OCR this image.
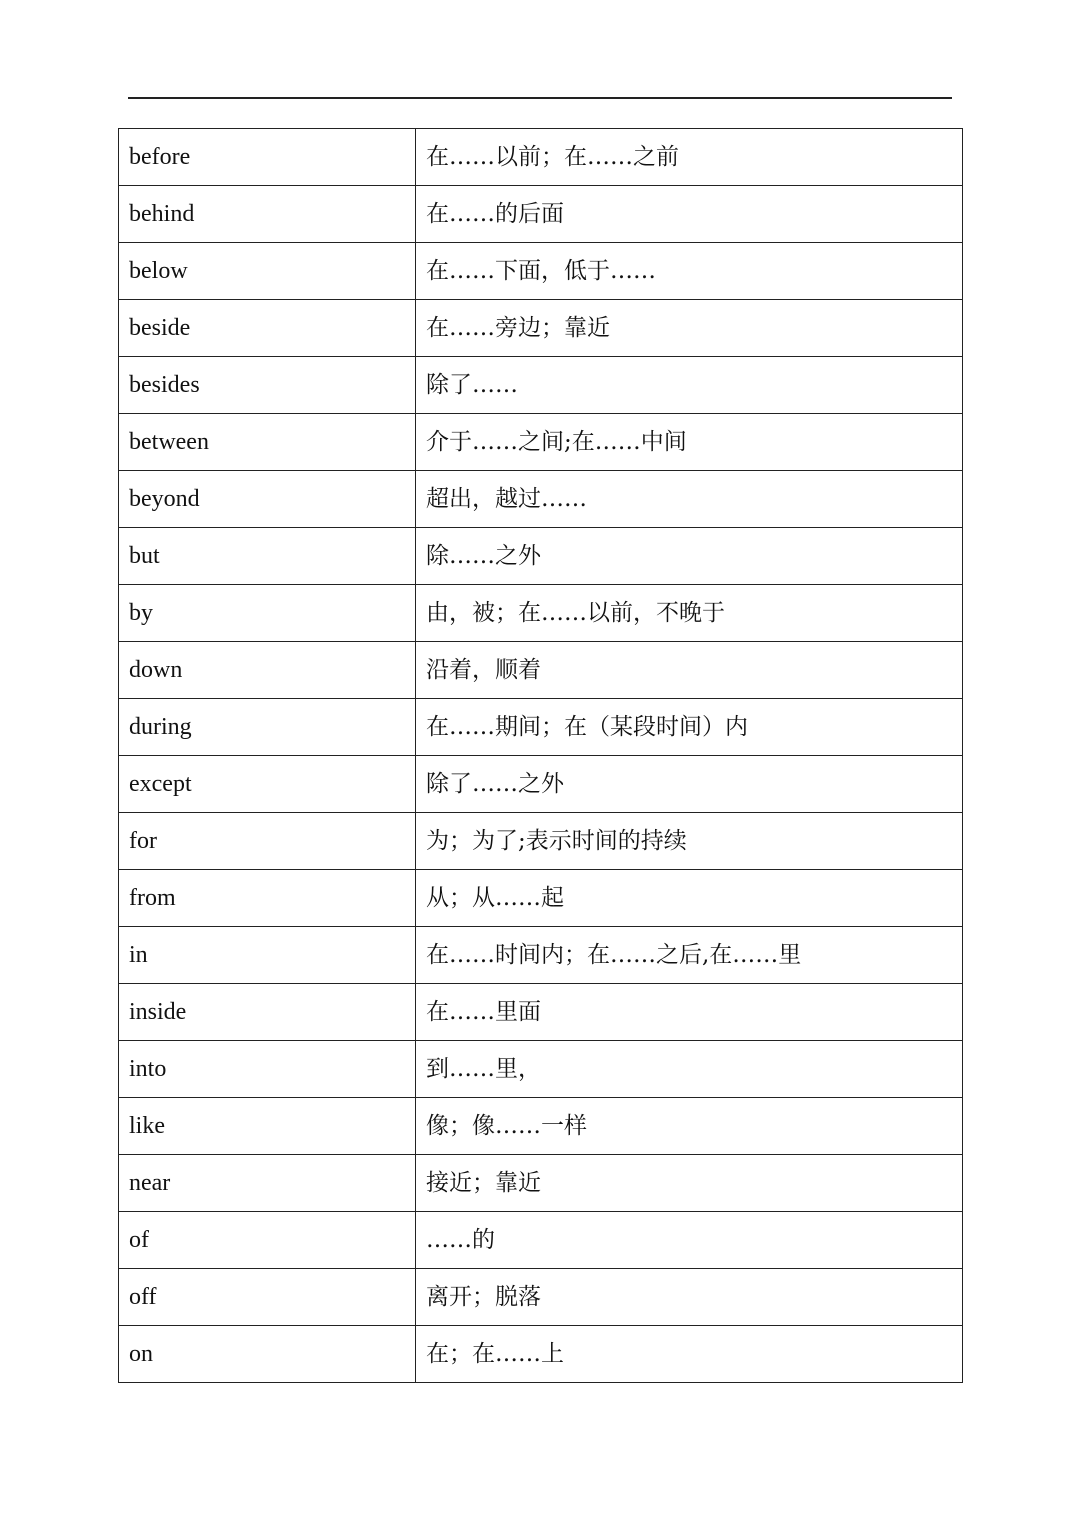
before	在……以前；在……之前
behind	在……的后面
below	在……下面，低于……
beside	在……旁边；靠近
besides	除了……
between	介于……之间;在……中间
beyond	超出，越过……
but	除……之外
by	由，被；在……以前，不晚于
down	沿着，顺着
during	在……期间；在（某段时间）内
except	除了……之外
for	为；为了;表示时间的持续
from	从；从……起
in	在……时间内；在……之后,在……里
inside	在……里面
into	到……里，
like	像；像……一样
near	接近；靠近
of	……的
off	离开；脱落
on	在；在……上
